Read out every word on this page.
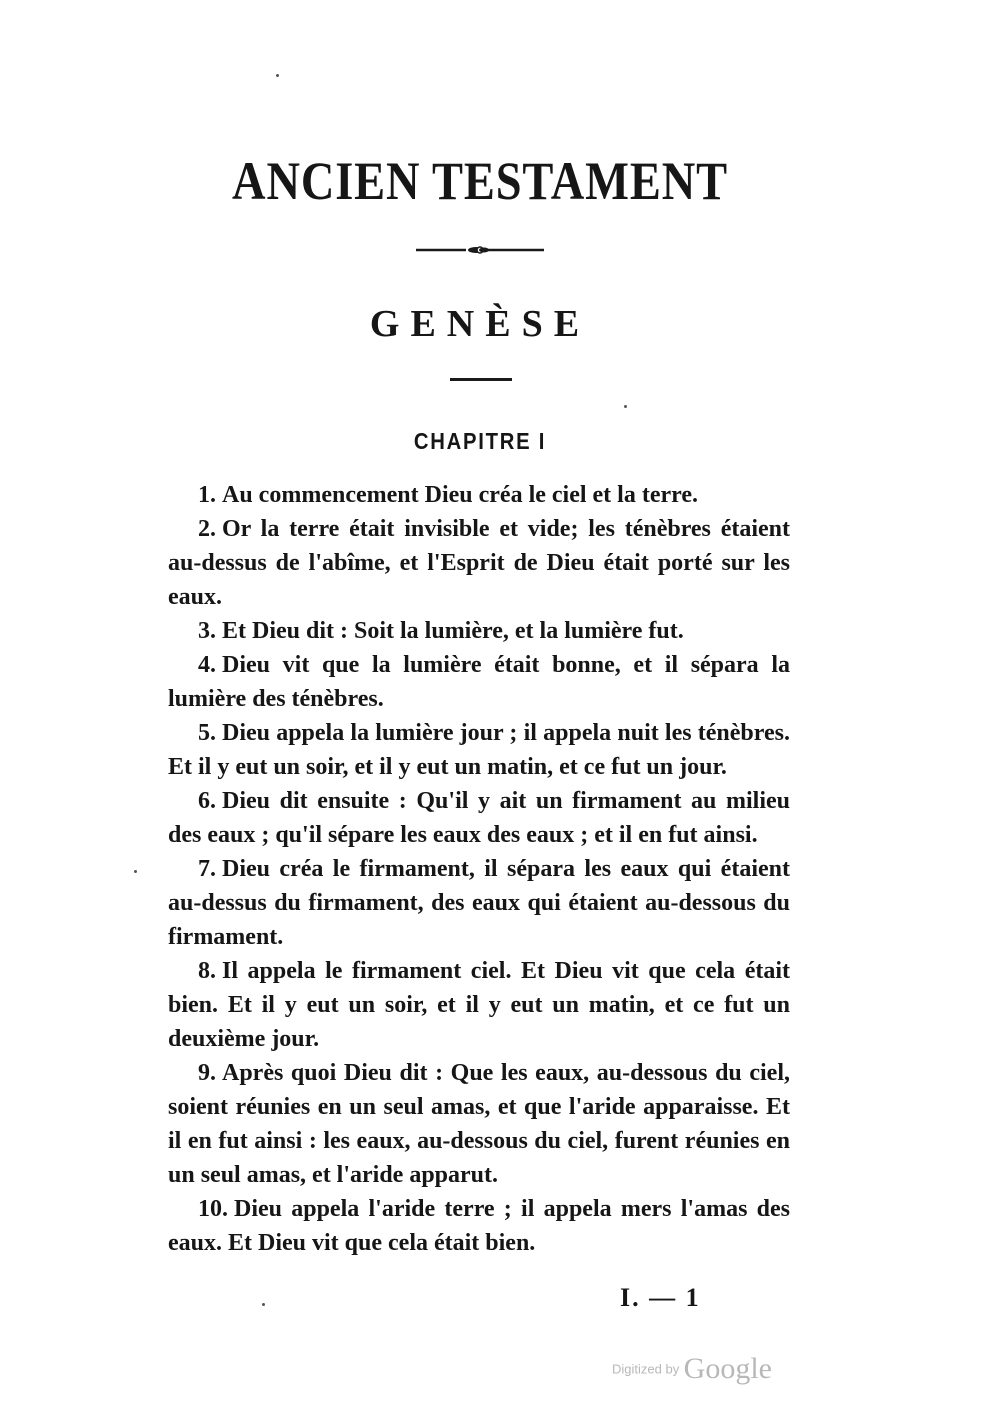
ANCIEN TESTAMENT
GENÈSE
CHAPITRE I

1. Au commencement Dieu créa le ciel et la terre.

2. Or la terre était invisible et vide; les ténèbres étaient au-dessus de l'abîme, et l'Esprit de Dieu était porté sur les eaux.

3. Et Dieu dit : Soit la lumière, et la lumière fut.

4. Dieu vit que la lumière était bonne, et il sépara la lumière des ténèbres.

5. Dieu appela la lumière jour ; il appela nuit les ténèbres. Et il y eut un soir, et il y eut un matin, et ce fut un jour.

6. Dieu dit ensuite : Qu'il y ait un firmament au milieu des eaux ; qu'il sépare les eaux des eaux ; et il en fut ainsi.

7. Dieu créa le firmament, il sépara les eaux qui étaient au-dessus du firmament, des eaux qui étaient au-dessous du firmament.

8. Il appela le firmament ciel. Et Dieu vit que cela était bien. Et il y eut un soir, et il y eut un matin, et ce fut un deuxième jour.

9. Après quoi Dieu dit : Que les eaux, au-dessous du ciel, soient réunies en un seul amas, et que l'aride apparaisse. Et il en fut ainsi : les eaux, au-dessous du ciel, furent réunies en un seul amas, et l'aride apparut.

10. Dieu appela l'aride terre ; il appela mers l'amas des eaux. Et Dieu vit que cela était bien.

I. — 1
Digitized by Google
